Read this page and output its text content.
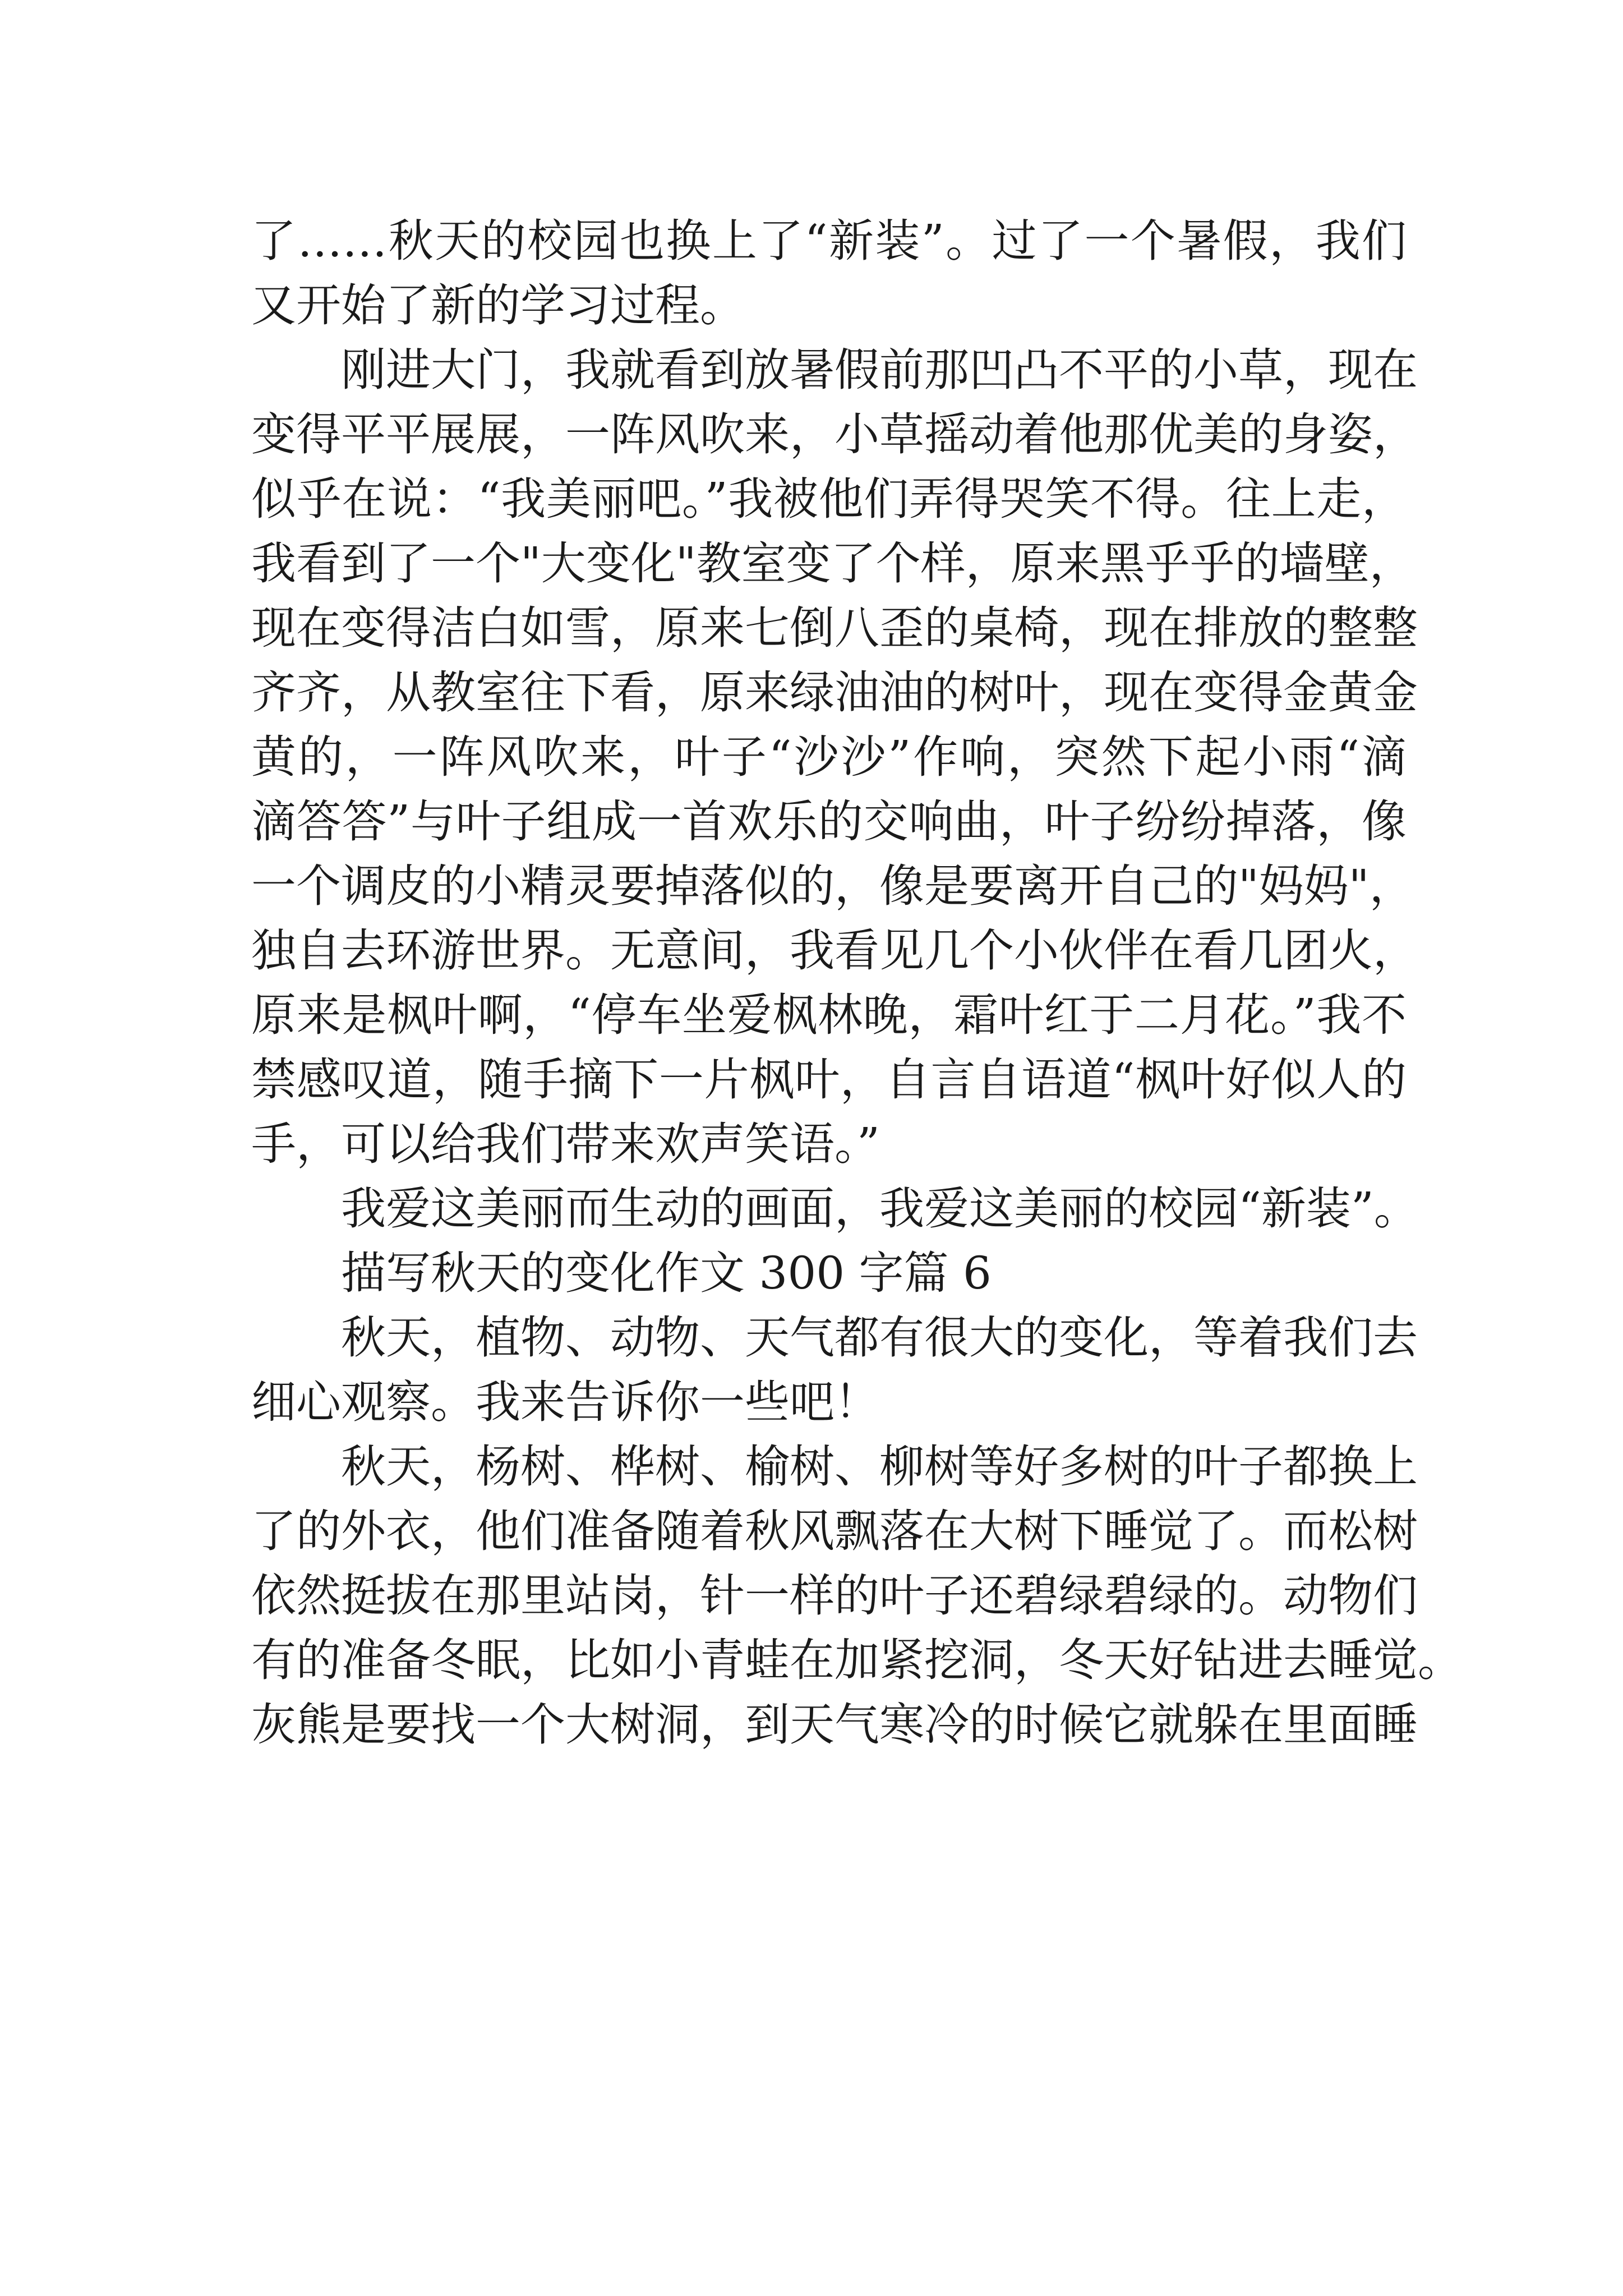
了……秋天的校园也换上了“新装”。过了一个暑假，我们
又开始了新的学习过程。
刚进大门，我就看到放暑假前那凹凸不平的小草，现在
变得平平展展，一阵风吹来，小草摇动着他那优美的身姿，
似乎在说：“我美丽吧。”我被他们弄得哭笑不得。往上走，
我看到了一个"大变化"教室变了个样，原来黑乎乎的墙壁，
现在变得洁白如雪，原来七倒八歪的桌椅，现在排放的整整
齐齐，从教室往下看，原来绿油油的树叶，现在变得金黄金
黄的，一阵风吹来，叶子“沙沙”作响，突然下起小雨“滴
滴答答”与叶子组成一首欢乐的交响曲，叶子纷纷掉落，像
一个调皮的小精灵要掉落似的，像是要离开自己的"妈妈"，
独自去环游世界。无意间，我看见几个小伙伴在看几团火，
原来是枫叶啊，“停车坐爱枫林晚，霜叶红于二月花。”我不
禁感叹道，随手摘下一片枫叶，自言自语道“枫叶好似人的
手，可以给我们带来欢声笑语。”
我爱这美丽而生动的画面，我爱这美丽的校园“新装”。
描写秋天的变化作文 300 字篇 6
秋天，植物、动物、天气都有很大的变化，等着我们去
细心观察。我来告诉你一些吧！
秋天，杨树、桦树、榆树、柳树等好多树的叶子都换上
了的外衣，他们准备随着秋风飘落在大树下睡觉了。而松树
依然挺拔在那里站岗，针一样的叶子还碧绿碧绿的。动物们
有的准备冬眠，比如小青蛙在加紧挖洞，冬天好钻进去睡觉。
灰熊是要找一个大树洞，到天气寒冷的时候它就躲在里面睡
